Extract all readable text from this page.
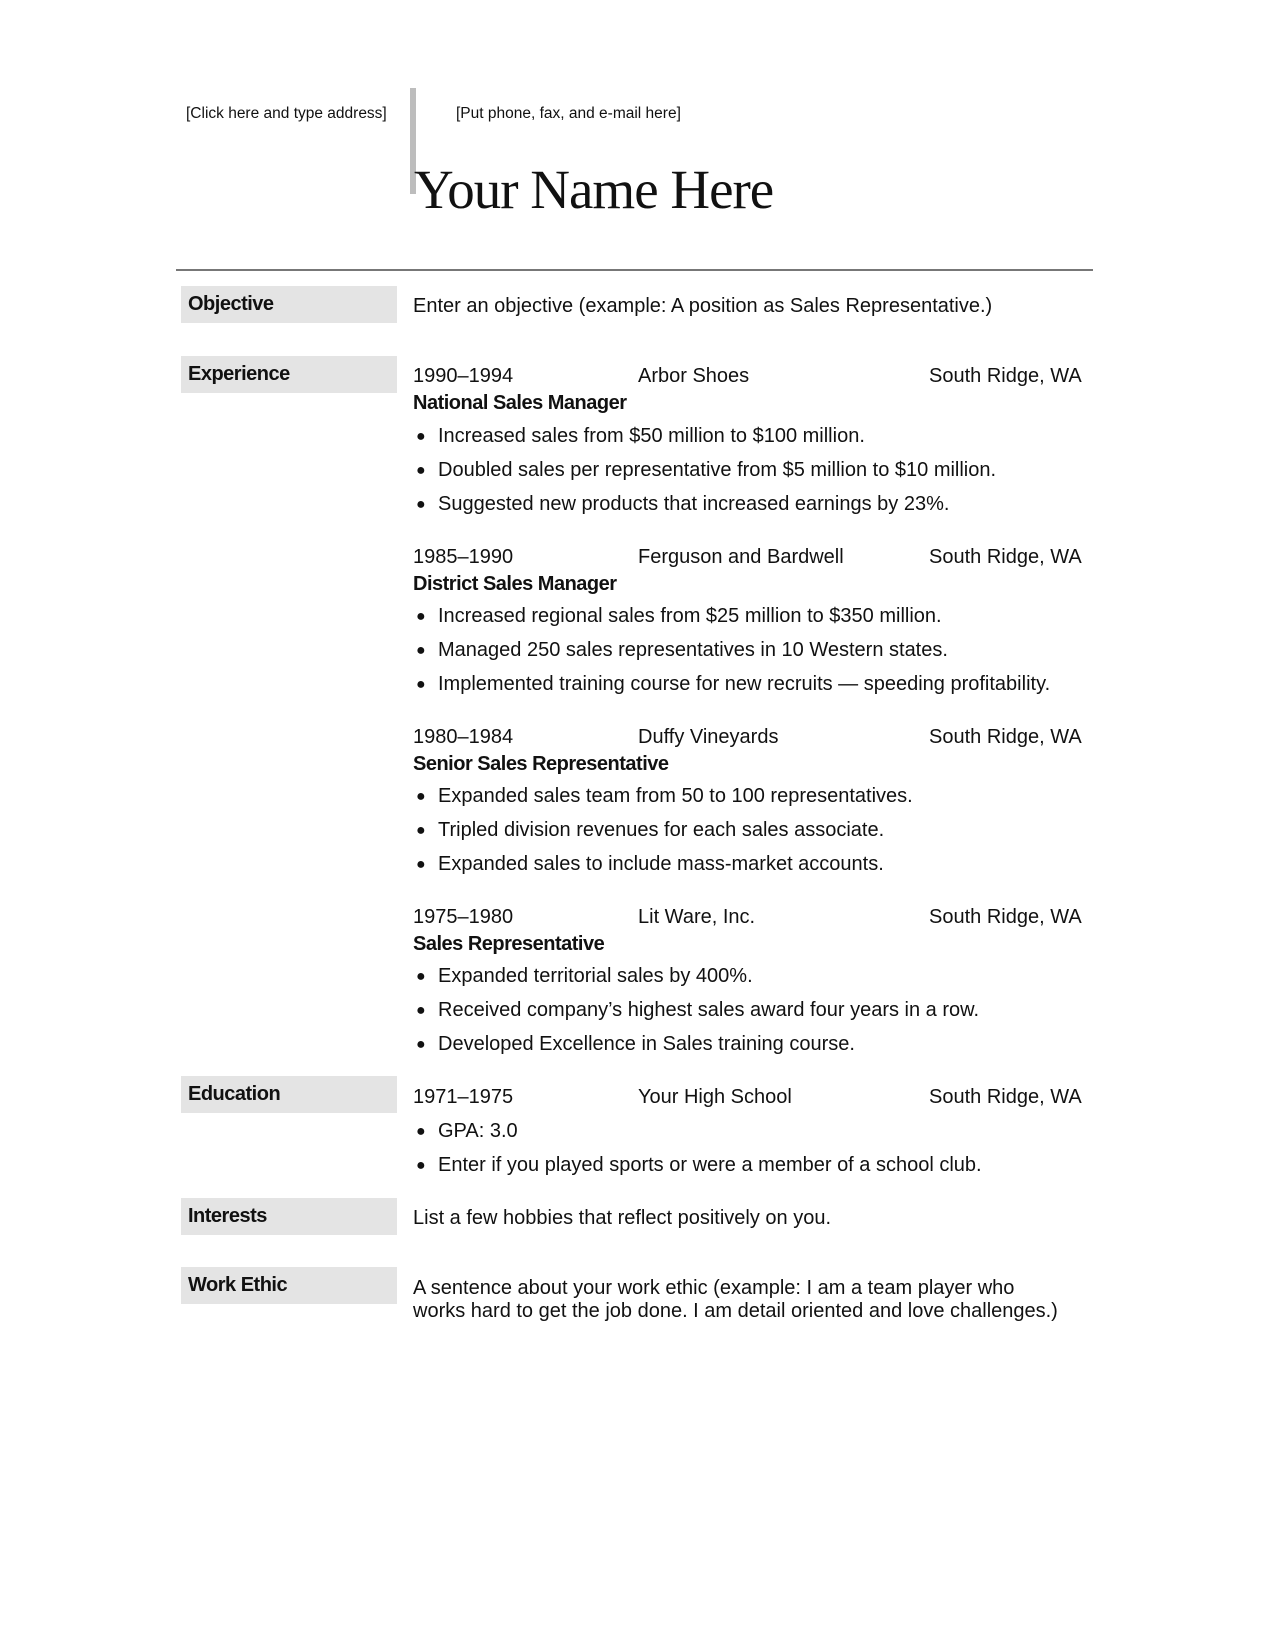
[Click here and type address]	[Put phone, fax, and e-mail here]
Your Name Here
Objective	Enter an objective (example: A position as Sales Representative.)
Experience	1990–1994	Arbor Shoes	South Ridge, WA
National Sales Manager
● Increased sales from $50 million to $100 million.
● Doubled sales per representative from $5 million to $10 million.
● Suggested new products that increased earnings by 23%.
1985–1990	Ferguson and Bardwell	South Ridge, WA
District Sales Manager
● Increased regional sales from $25 million to $350 million.
● Managed 250 sales representatives in 10 Western states.
● Implemented training course for new recruits — speeding profitability.
1980–1984	Duffy Vineyards	South Ridge, WA
Senior Sales Representative
● Expanded sales team from 50 to 100 representatives.
● Tripled division revenues for each sales associate.
● Expanded sales to include mass-market accounts.
1975–1980	Lit Ware, Inc.	South Ridge, WA
Sales Representative
● Expanded territorial sales by 400%.
● Received company’s highest sales award four years in a row.
● Developed Excellence in Sales training course.
Education	1971–1975	Your High School	South Ridge, WA
● GPA: 3.0
● Enter if you played sports or were a member of a school club.
Interests	List a few hobbies that reflect positively on you.
Work Ethic	A sentence about your work ethic (example: I am a team player who
works hard to get the job done. I am detail oriented and love challenges.)
